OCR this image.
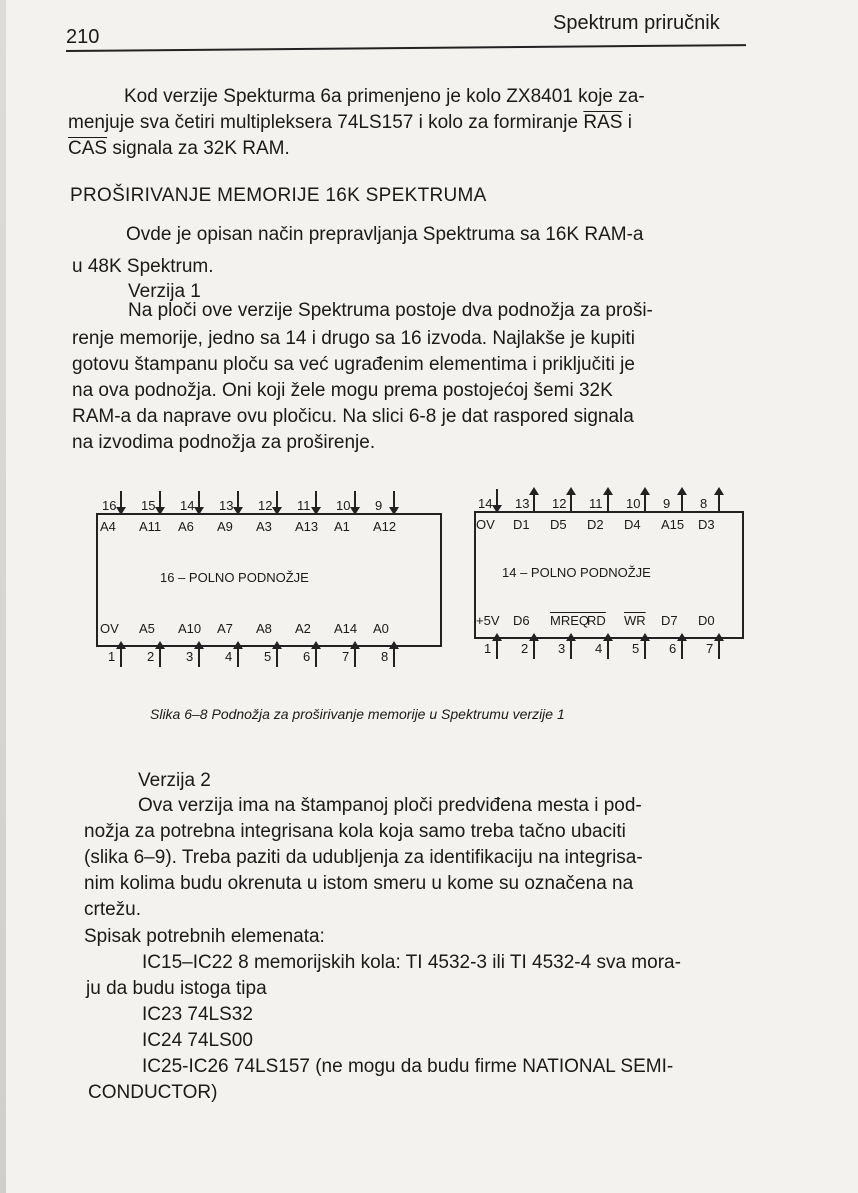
210
Spektrum priručnik
Kod verzije Spekturma 6a primenjeno je kolo ZX8401 koje za-
menjuje sva četiri multipleksera 74LS157 i kolo za formiranje $\overline{RAS}$ i
$\overline{CAS}$ signala za 32K RAM.
PROŠIRIVANJE MEMORIJE 16K SPEKTRUMA
Ovde je opisan način prepravljanja Spektruma sa 16K RAM-a
u 48K Spektrum.
Verzija 1
Na ploči ove verzije Spektruma postoje dva podnožja za proši-
renje memorije, jedno sa 14 i drugo sa 16 izvoda. Najlakše je kupiti
gotovu štampanu ploču sa već ugrađenim elementima i priključiti je
na ova podnožja. Oni koji žele mogu prema postojećoj šemi 32K
RAM-a da naprave ovu pločicu. Na slici 6-8 je dat raspored signala
na izvodima podnožja za proširenje.
16 – POLNO PODNOŽJE
A4 A11 A6 A9 A3 A13 A1 A12
16 15 14 13 12 11 10 9
OV A5 A10 A7 A8 A2 A14 A0
1 2 3 4 5 6 7 8
14 – POLNO PODNOŽJE
OV D1 D5 D2 D4 A15 D3
14 13 12 11 10 9 8
+5V D6 MREQ
$\overline{RD}$ $\overline{WR}$ D7 D0
1 2 3 4 5 6 7
Slika 6–8 Podnožja za proširivanje memorije u Spektrumu verzije 1
Verzija 2
Ova verzija ima na štampanoj ploči predviđena mesta i pod-
nožja za potrebna integrisana kola koja samo treba tačno ubaciti
(slika 6–9). Treba paziti da udubljenja za identifikaciju na integrisa-
nim kolima budu okrenuta u istom smeru u kome su označena na
crtežu.
Spisak potrebnih elemenata:
IC15–IC22 8 memorijskih kola: TI 4532-3 ili TI 4532-4 sva mora-
ju da budu istoga tipa
IC23 74LS32
IC24 74LS00
IC25-IC26 74LS157 (ne mogu da budu firme NATIONAL SEMI-
CONDUCTOR)
